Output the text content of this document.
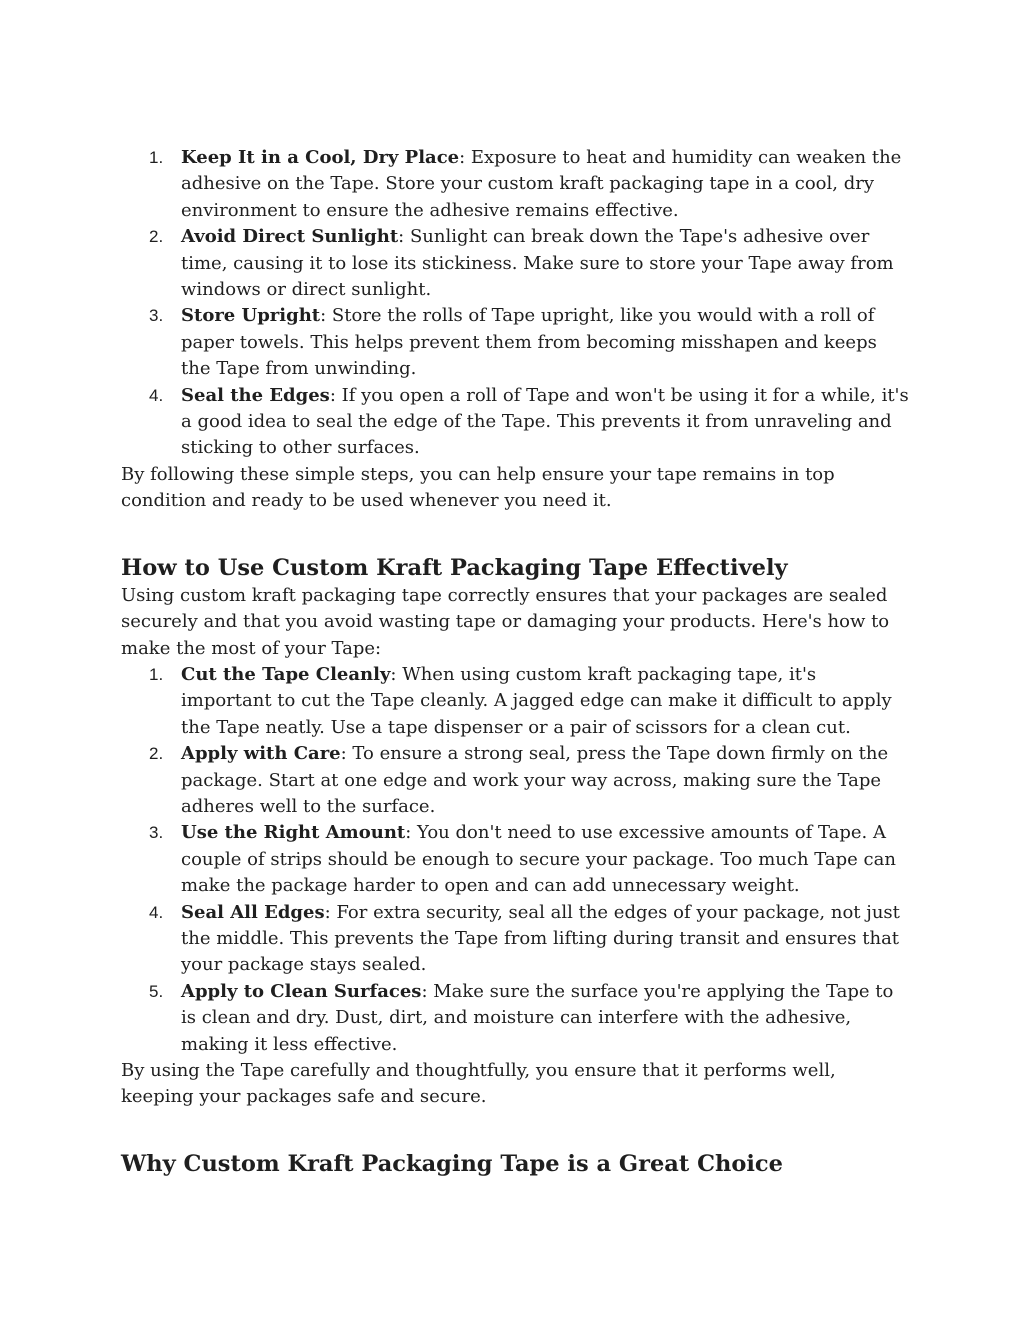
1. Keep It in a Cool, Dry Place: Exposure to heat and humidity can weaken the adhesive on the Tape. Store your custom kraft packaging tape in a cool, dry environment to ensure the adhesive remains effective.
2. Avoid Direct Sunlight: Sunlight can break down the Tape's adhesive over time, causing it to lose its stickiness. Make sure to store your Tape away from windows or direct sunlight.
3. Store Upright: Store the rolls of Tape upright, like you would with a roll of paper towels. This helps prevent them from becoming misshapen and keeps the Tape from unwinding.
4. Seal the Edges: If you open a roll of Tape and won't be using it for a while, it's a good idea to seal the edge of the Tape. This prevents it from unraveling and sticking to other surfaces.

By following these simple steps, you can help ensure your tape remains in top condition and ready to be used whenever you need it.

How to Use Custom Kraft Packaging Tape Effectively

Using custom kraft packaging tape correctly ensures that your packages are sealed securely and that you avoid wasting tape or damaging your products. Here's how to make the most of your Tape:

1. Cut the Tape Cleanly: When using custom kraft packaging tape, it's important to cut the Tape cleanly. A jagged edge can make it difficult to apply the Tape neatly. Use a tape dispenser or a pair of scissors for a clean cut.
2. Apply with Care: To ensure a strong seal, press the Tape down firmly on the package. Start at one edge and work your way across, making sure the Tape adheres well to the surface.
3. Use the Right Amount: You don't need to use excessive amounts of Tape. A couple of strips should be enough to secure your package. Too much Tape can make the package harder to open and can add unnecessary weight.
4. Seal All Edges: For extra security, seal all the edges of your package, not just the middle. This prevents the Tape from lifting during transit and ensures that your package stays sealed.
5. Apply to Clean Surfaces: Make sure the surface you're applying the Tape to is clean and dry. Dust, dirt, and moisture can interfere with the adhesive, making it less effective.

By using the Tape carefully and thoughtfully, you ensure that it performs well, keeping your packages safe and secure.

Why Custom Kraft Packaging Tape is a Great Choice
